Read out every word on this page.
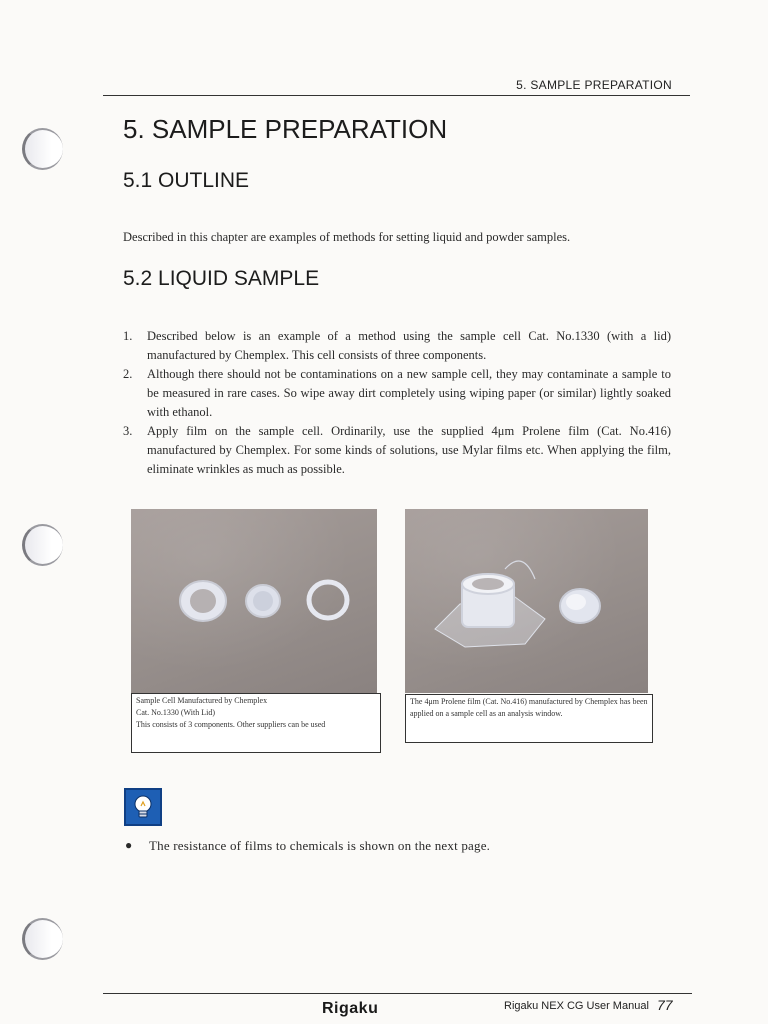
5. SAMPLE PREPARATION
5. SAMPLE PREPARATION
5.1 OUTLINE
Described in this chapter are examples of methods for setting liquid and powder samples.
5.2 LIQUID SAMPLE
1. Described below is an example of a method using the sample cell Cat. No.1330 (with a lid) manufactured by Chemplex. This cell consists of three components.
2. Although there should not be contaminations on a new sample cell, they may contaminate a sample to be measured in rare cases. So wipe away dirt completely using wiping paper (or similar) lightly soaked with ethanol.
3. Apply film on the sample cell. Ordinarily, use the supplied 4μm Prolene film (Cat. No.416) manufactured by Chemplex. For some kinds of solutions, use Mylar films etc. When applying the film, eliminate wrinkles as much as possible.

Sample Cell Manufactured by Chemplex

Cat. No.1330 (With Lid)

This consists of 3 components. Other suppliers can be used

The 4μm Prolene film (Cat. No.416) manufactured by Chemplex has been applied on a sample cell as an analysis window.

● The resistance of films to chemicals is shown on the next page.
Rigaku	Rigaku NEX CG User Manual 77
